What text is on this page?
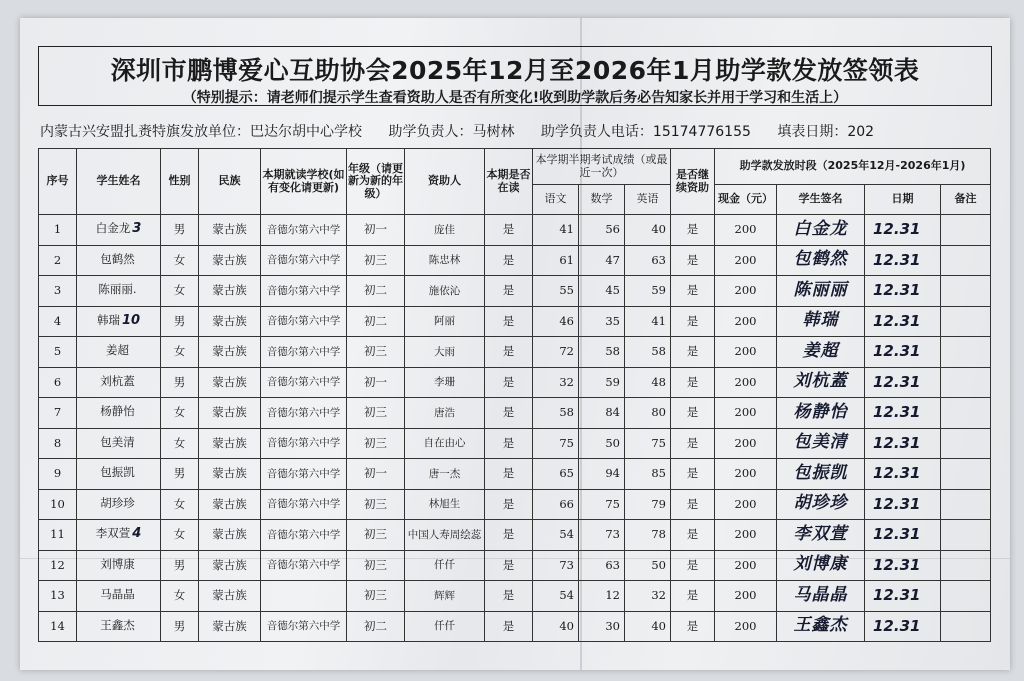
深圳市鹏博爱心互助协会2025年12月至2026年1月助学款发放签领表
（特别提示：请老师们提示学生查看资助人是否有所变化!收到助学款后务必告知家长并用于学习和生活上）
内蒙古兴安盟扎赉特旗发放单位：巴达尔胡中心学校 助学负责人：马树林 助学负责人电话：15174776155 填表日期：202
序号	学生姓名	性别	民族	本期就读学校(如有变化请更新)	年级（请更新为新的年级）	资助人	本期是否在读	本学期半期考试成绩（或最近一次）			是否继续资助	助学款发放时段（2025年12月-2026年1月)			
								语文	数学	英语		现金（元）	学生签名	日期	备注
1	白金龙 3	男	蒙古族	音德尔第六中学	初一	庞佳	是	41	56	40	是	200	白金龙	12.31	
2	包鹤然	女	蒙古族	音德尔第六中学	初三	陈忠林	是	61	47	63	是	200	包鹤然	12.31	
3	陈丽丽.	女	蒙古族	音德尔第六中学	初二	施依沁	是	55	45	59	是	200	陈丽丽	12.31	
4	韩瑞 10	男	蒙古族	音德尔第六中学	初二	阿丽	是	46	35	41	是	200	韩瑞	12.31	
5	姜超	女	蒙古族	音德尔第六中学	初三	大雨	是	72	58	58	是	200	姜超	12.31	
6	刘杭蓋	男	蒙古族	音德尔第六中学	初一	李珊	是	32	59	48	是	200	刘杭蓋	12.31	
7	杨静怡	女	蒙古族	音德尔第六中学	初三	唐浩	是	58	84	80	是	200	杨静怡	12.31	
8	包美清	女	蒙古族	音德尔第六中学	初三	自在由心	是	75	50	75	是	200	包美清	12.31	
9	包振凯	男	蒙古族	音德尔第六中学	初一	唐一杰	是	65	94	85	是	200	包振凯	12.31	
10	胡珍珍	女	蒙古族	音德尔第六中学	初三	林旭生	是	66	75	79	是	200	胡珍珍	12.31	
11	李双萱 4	女	蒙古族	音德尔第六中学	初三	中国人寿周绘蕊	是	54	73	78	是	200	李双萱	12.31	
12	刘博康	男	蒙古族	音德尔第六中学	初三	仟仟	是	73	63	50	是	200	刘博康	12.31	
13	马晶晶	女	蒙古族		初三	辉辉	是	54	12	32	是	200	马晶晶	12.31	
14	王鑫杰	男	蒙古族	音德尔第六中学	初二	仟仟	是	40	30	40	是	200	王鑫杰	12.31	
